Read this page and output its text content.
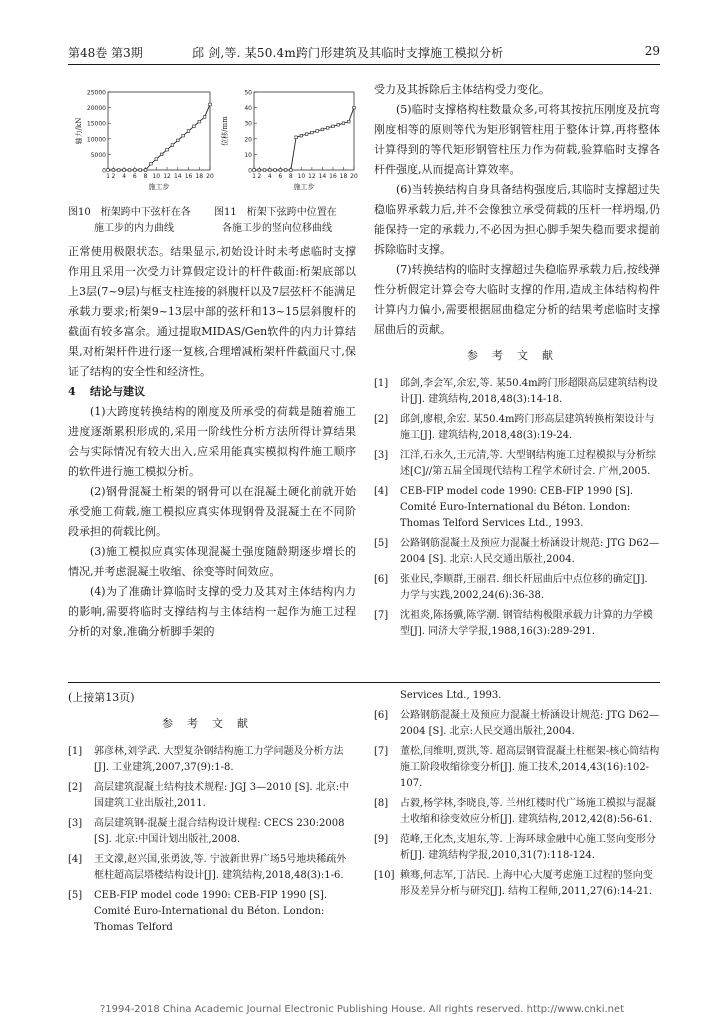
第48卷 第3期	邱 剑,等. 某50.4m跨门形建筑及其临时支撑施工模拟分析	29
0
5000
10000
15000
20000
25000
1 2 4 6 8 10 12 14 16 18 20
施工步
轴力/kN
0
10
20
30
40
50
1 2 4 6 8 10 12 14 16 18 20
施工步
位移/mm
图10　桁架跨中下弦杆在各
施工步的内力曲线
图11　桁架下弦跨中位置在
各施工步的竖向位移曲线

正常使用极限状态。结果显示,初始设计时未考虑临时支撑作用且采用一次受力计算假定设计的杆件截面:桁架底部以上3层(7~9层)与框支柱连接的斜腹杆以及7层弦杆不能满足承载力要求;桁架9~13层中部的弦杆和13~15层斜腹杆的截面有较多富余。通过提取MIDAS/Gen软件的内力计算结果,对桁架杆件进行逐一复核,合理增减桁架杆件截面尺寸,保证了结构的安全性和经济性。

4 结论与建议

(1)大跨度转换结构的刚度及所承受的荷载是随着施工进度逐渐累积形成的,采用一阶线性分析方法所得计算结果会与实际情况有较大出入,应采用能真实模拟构件施工顺序的软件进行施工模拟分析。

(2)钢骨混凝土桁架的钢骨可以在混凝土硬化前就开始承受施工荷载,施工模拟应真实体现钢骨及混凝土在不同阶段承担的荷载比例。

(3)施工模拟应真实体现混凝土强度随龄期逐步增长的情况,并考虑混凝土收缩、徐变等时间效应。

(4)为了准确计算临时支撑的受力及其对主体结构内力的影响,需要将临时支撑结构与主体结构一起作为施工过程分析的对象,准确分析脚手架的

受力及其拆除后主体结构受力变化。

(5)临时支撑格构柱数量众多,可将其按抗压刚度及抗弯刚度相等的原则等代为矩形钢管柱用于整体计算,再将整体计算得到的等代矩形钢管柱压力作为荷载,验算临时支撑各杆件强度,从而提高计算效率。

(6)当转换结构自身具备结构强度后,其临时支撑超过失稳临界承载力后,并不会像独立承受荷载的压杆一样坍塌,仍能保持一定的承载力,不必因为担心脚手架失稳而要求提前拆除临时支撑。

(7)转换结构的临时支撑超过失稳临界承载力后,按线弹性分析假定计算会夸大临时支撑的作用,造成主体结构构件计算内力偏小,需要根据屈曲稳定分析的结果考虑临时支撑屈曲后的贡献。

参考文献
[1] 邱剑,李会军,余宏,等. 某50.4m跨门形超限高层建筑结构设计[J]. 建筑结构,2018,48(3):14-18.
[2] 邱剑,廖根,余宏. 某50.4m跨门形高层建筑转换桁架设计与施工[J]. 建筑结构,2018,48(3):19-24.
[3] 江洋,石永久,王元清,等. 大型钢结构施工过程模拟与分析综述[C]//第五届全国现代结构工程学术研讨会. 广州,2005.
[4] CEB-FIP model code 1990: CEB-FIP 1990 [S]. Comité Euro-International du Béton. London: Thomas Telford Services Ltd., 1993.
[5] 公路钢筋混凝土及预应力混凝土桥涵设计规范: JTG D62—2004 [S]. 北京:人民交通出版社,2004.
[6] 张业民,李顺群,王丽君. 细长杆屈曲后中点位移的确定[J]. 力学与实践,2002,24(6):36-38.
[7] 沈祖炎,陈扬骥,陈学潮. 钢管结构极限承载力计算的力学模型[J]. 同济大学学报,1988,16(3):289-291.
(上接第13页)
参考文献
[1] 郭彦林,刘学武. 大型复杂钢结构施工力学问题及分析方法[J]. 工业建筑,2007,37(9):1-8.
[2] 高层建筑混凝土结构技术规程: JGJ 3—2010 [S]. 北京:中国建筑工业出版社,2011.
[3] 高层建筑钢-混凝土混合结构设计规程: CECS 230:2008 [S]. 北京:中国计划出版社,2008.
[4] 王文濛,赵兴国,张勇波,等. 宁波新世界广场5号地块稀疏外框柱超高层塔楼结构设计[J]. 建筑结构,2018,48(3):1-6.
[5] CEB-FIP model code 1990: CEB-FIP 1990 [S]. Comité Euro-International du Béton. London: Thomas Telford
Services Ltd., 1993.
[6] 公路钢筋混凝土及预应力混凝土桥涵设计规范: JTG D62—2004 [S]. 北京:人民交通出版社,2004.
[7] 董松,闫维明,贾洪,等. 超高层钢管混凝土柱框架-核心筒结构施工阶段收缩徐变分析[J]. 施工技术,2014,43(16):102-107.
[8] 占毅,杨学林,李晓良,等. 兰州红楼时代广场施工模拟与混凝土收缩和徐变效应分析[J]. 建筑结构,2012,42(8):56-61.
[9] 范峰,王化杰,支旭东,等. 上海环球金融中心施工竖向变形分析[J]. 建筑结构学报,2010,31(7):118-124.
[10] 赖骞,何志军,丁洁民. 上海中心大厦考虑施工过程的竖向变形及差异分析与研究[J]. 结构工程师,2011,27(6):14-21.
?1994-2018 China Academic Journal Electronic Publishing House. All rights reserved. http://www.cnki.net
